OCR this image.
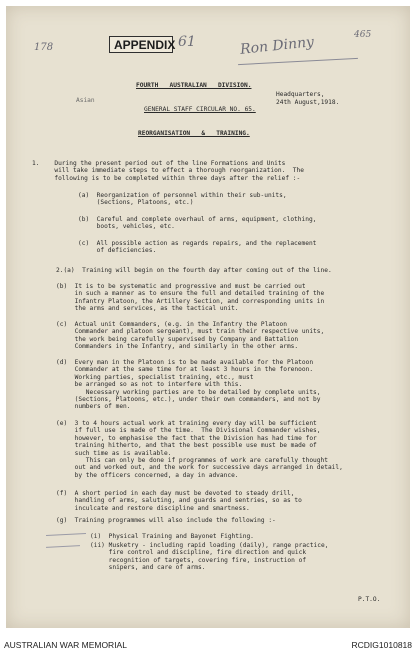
178	APPENDIX 61	Ron Dinny	465
FOURTH   AUSTRALIAN   DIVISION.
Asian
Headquarters,
24th August,1918.
GENERAL STAFF CIRCULAR NO. 65.
REORGANISATION   &   TRAINING.
1.    During the present period out of the line Formations and Units
will take immediate steps to effect a thorough reorganization.  The
following is to be completed within three days after the relief :-
(a)  Reorganization of personnel within their sub-units,
(Sections, Platoons, etc.)
(b)  Careful and complete overhaul of arms, equipment, clothing,
boots, vehicles, etc.
(c)  All possible action as regards repairs, and the replacement
of deficiencies.
2.(a)  Training will begin on the fourth day after coming out of the line.
(b)  It is to be systematic and progressive and must be carried out
in such a manner as to ensure the full and detailed training of the
Infantry Platoon, the Artillery Section, and corresponding units in
the arms and services, as the tactical unit.
(c)  Actual unit Commanders, (e.g. in the Infantry the Platoon
Commander and platoon sergeant), must train their respective units,
the work being carefully supervised by Company and Battalion
Commanders in the Infantry, and similarly in the other arms.
(d)  Every man in the Platoon is to be made available for the Platoon
Commander at the same time for at least 3 hours in the forenoon.
Working parties, specialist training, etc., must
be arranged so as not to interfere with this.
Necessary working parties are to be detailed by complete units,
(Sections, Platoons, etc.), under their own commanders, and not by
numbers of men.
(e)  3 to 4 hours actual work at training every day will be sufficient
if full use is made of the time.  The Divisional Commander wishes,
however, to emphasise the fact that the Division has had time for
training hitherto, and that the best possible use must be made of
such time as is available.
This can only be done if programmes of work are carefully thought
out and worked out, and the work for successive days arranged in detail,
by the officers concerned, a day in advance.
(f)  A short period in each day must be devoted to steady drill,
handling of arms, saluting, and guards and sentries, so as to
inculcate and restore discipline and smartness.
(g)  Training programmes will also include the following :-
(i)  Physical Training and Bayonet Fighting.
(ii) Musketry - including rapid loading (daily), range practice,
fire control and discipline, fire direction and quick
recognition of targets, covering fire, instruction of
snipers, and care of arms.
P.T.O.
AUSTRALIAN WAR MEMORIAL	RCDIG1010818
